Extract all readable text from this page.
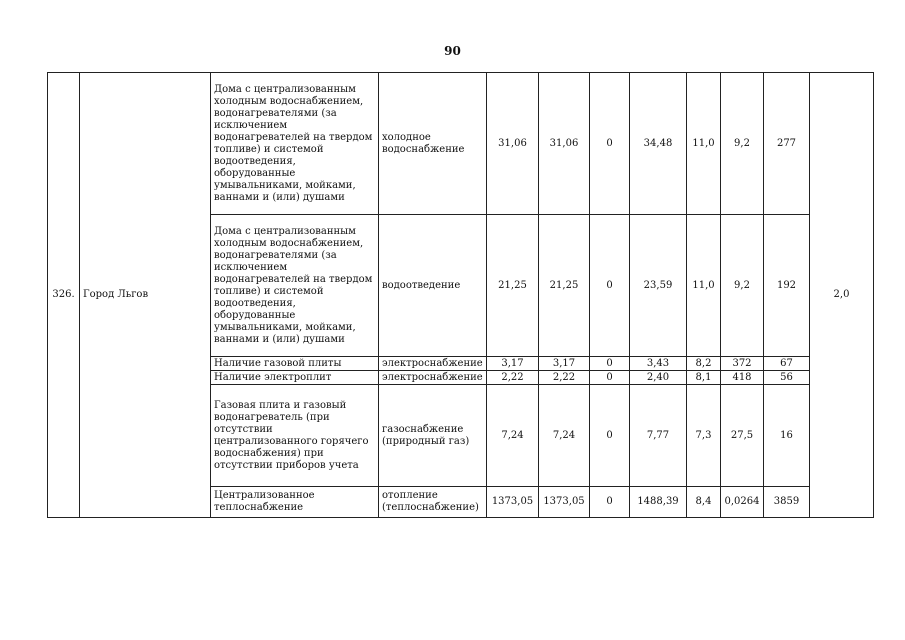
90
326.	Город Льгов	Дома с централизованным холодным водоснабжением, водонагревателями (за исключением водонагревателей на твердом топливе) и системой водоотведения, оборудованные умывальниками, мойками, ваннами и (или) душами	холодное водоснабжение	31,06	31,06	0	34,48	11,0	9,2	277	2,0
		Дома с централизованным холодным водоснабжением, водонагревателями (за исключением водонагревателей на твердом топливе) и системой водоотведения, оборудованные умывальниками, мойками, ваннами и (или) душами	водоотведение	21,25	21,25	0	23,59	11,0	9,2	192	
		Наличие газовой плиты	электроснабжение	3,17	3,17	0	3,43	8,2	372	67	
		Наличие электроплит	электроснабжение	2,22	2,22	0	2,40	8,1	418	56	
		Газовая плита и газовый водонагреватель (при отсутствии централизованного горячего водоснабжения) при отсутствии приборов учета	газоснабжение (природный газ)	7,24	7,24	0	7,77	7,3	27,5	16	
		Централизованное теплоснабжение	отопление (теплоснабжение)	1373,05	1373,05	0	1488,39	8,4	0,0264	3859	
